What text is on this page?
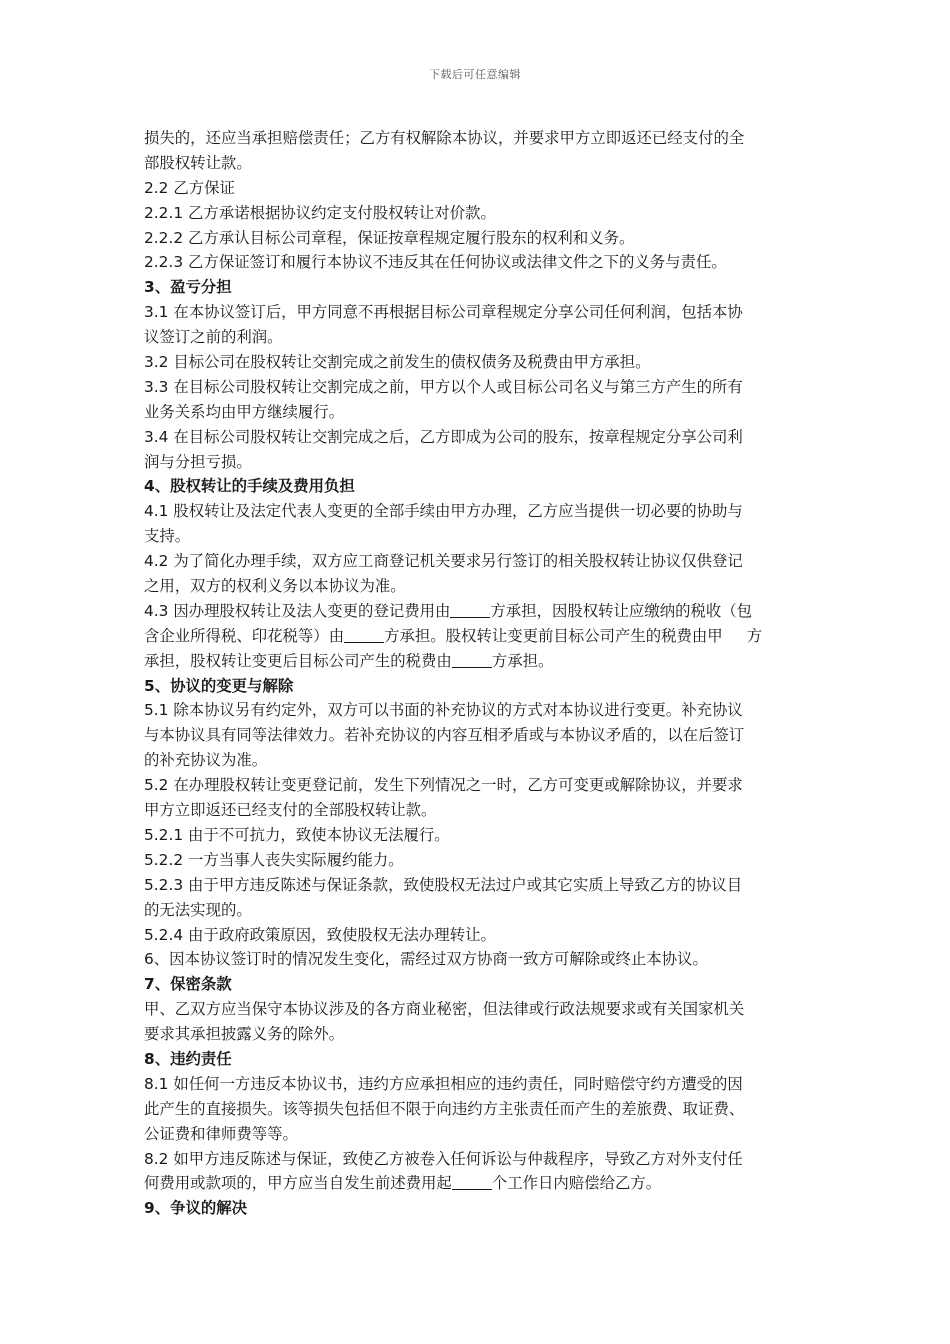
下载后可任意编辑
损失的，还应当承担赔偿责任；乙方有权解除本协议，并要求甲方立即返还已经支付的全
部股权转让款。
2.2 乙方保证
2.2.1 乙方承诺根据协议约定支付股权转让对价款。
2.2.2 乙方承认目标公司章程，保证按章程规定履行股东的权利和义务。
2.2.3 乙方保证签订和履行本协议不违反其在任何协议或法律文件之下的义务与责任。
3、盈亏分担
3.1 在本协议签订后，甲方同意不再根据目标公司章程规定分享公司任何利润，包括本协
议签订之前的利润。
3.2 目标公司在股权转让交割完成之前发生的债权债务及税费由甲方承担。
3.3 在目标公司股权转让交割完成之前，甲方以个人或目标公司名义与第三方产生的所有
业务关系均由甲方继续履行。
3.4 在目标公司股权转让交割完成之后，乙方即成为公司的股东，按章程规定分享公司利
润与分担亏损。
4、股权转让的手续及费用负担
4.1 股权转让及法定代表人变更的全部手续由甲方办理，乙方应当提供一切必要的协助与
支持。
4.2 为了简化办理手续，双方应工商登记机关要求另行签订的相关股权转让协议仅供登记
之用，双方的权利义务以本协议为准。
4.3 因办理股权转让及法人变更的登记费用由	方承担，因股权转让应缴纳的税收（包
含企业所得税、印花税等）由	方承担。股权转让变更前目标公司产生的税费由甲 方
承担，股权转让变更后目标公司产生的税费由	方承担。
5、协议的变更与解除
5.1 除本协议另有约定外，双方可以书面的补充协议的方式对本协议进行变更。补充协议
与本协议具有同等法律效力。若补充协议的内容互相矛盾或与本协议矛盾的，以在后签订
的补充协议为准。
5.2 在办理股权转让变更登记前，发生下列情况之一时，乙方可变更或解除协议，并要求
甲方立即返还已经支付的全部股权转让款。
5.2.1 由于不可抗力，致使本协议无法履行。
5.2.2 一方当事人丧失实际履约能力。
5.2.3 由于甲方违反陈述与保证条款，致使股权无法过户或其它实质上导致乙方的协议目
的无法实现的。
5.2.4 由于政府政策原因，致使股权无法办理转让。
6、因本协议签订时的情况发生变化，需经过双方协商一致方可解除或终止本协议。
7、保密条款
甲、乙双方应当保守本协议涉及的各方商业秘密，但法律或行政法规要求或有关国家机关
要求其承担披露义务的除外。
8、违约责任
8.1 如任何一方违反本协议书，违约方应承担相应的违约责任，同时赔偿守约方遭受的因
此产生的直接损失。该等损失包括但不限于向违约方主张责任而产生的差旅费、取证费、
公证费和律师费等等。
8.2 如甲方违反陈述与保证，致使乙方被卷入任何诉讼与仲裁程序，导致乙方对外支付任
何费用或款项的，甲方应当自发生前述费用起	个工作日内赔偿给乙方。
9、争议的解决
